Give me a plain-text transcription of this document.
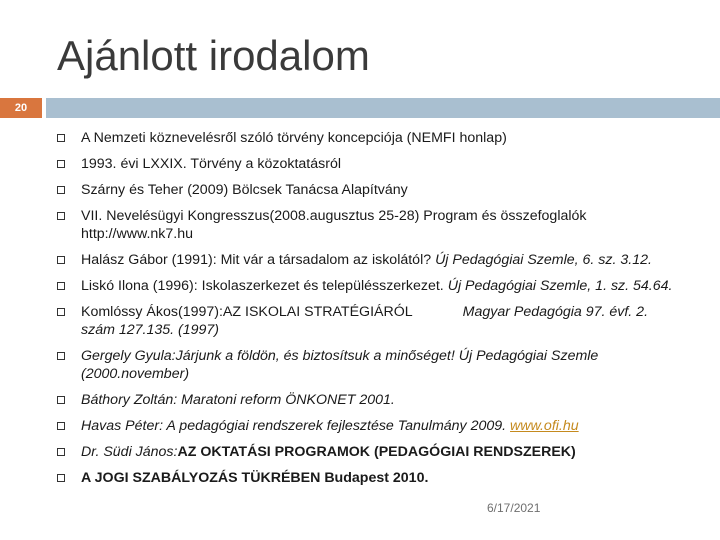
Ajánlott irodalom
20
A Nemzeti köznevelésről szóló törvény koncepciója (NEMFI honlap)
1993. évi LXXIX. Törvény a közoktatásról
Szárny és Teher (2009) Bölcsek Tanácsa Alapítvány
VII. Nevelésügyi Kongresszus(2008.augusztus 25-28) Program és összefoglalók http://www.nk7.hu
Halász Gábor (1991): Mit vár a társadalom az iskolától? Új Pedagógiai Szemle, 6. sz. 3.12.
Liskó Ilona (1996): Iskolaszerkezet és településszerkezet. Új Pedagógiai Szemle, 1. sz. 54.64.
Komlóssy Ákos(1997):AZ ISKOLAI STRATÉGIÁRÓL	Magyar Pedagógia 97. évf. 2. szám 127.135. (1997)
Gergely Gyula:Járjunk a földön, és biztosítsuk a minőséget! Új Pedagógiai Szemle (2000.november)
Báthory Zoltán: Maratoni reform ÖNKONET 2001.
Havas Péter: A pedagógiai rendszerek fejlesztése Tanulmány 2009. www.ofi.hu
Dr. Südi János:AZ OKTATÁSI PROGRAMOK (PEDAGÓGIAI RENDSZEREK)
A JOGI SZABÁLYOZÁS TÜKRÉBEN Budapest 2010.
6/17/2021
